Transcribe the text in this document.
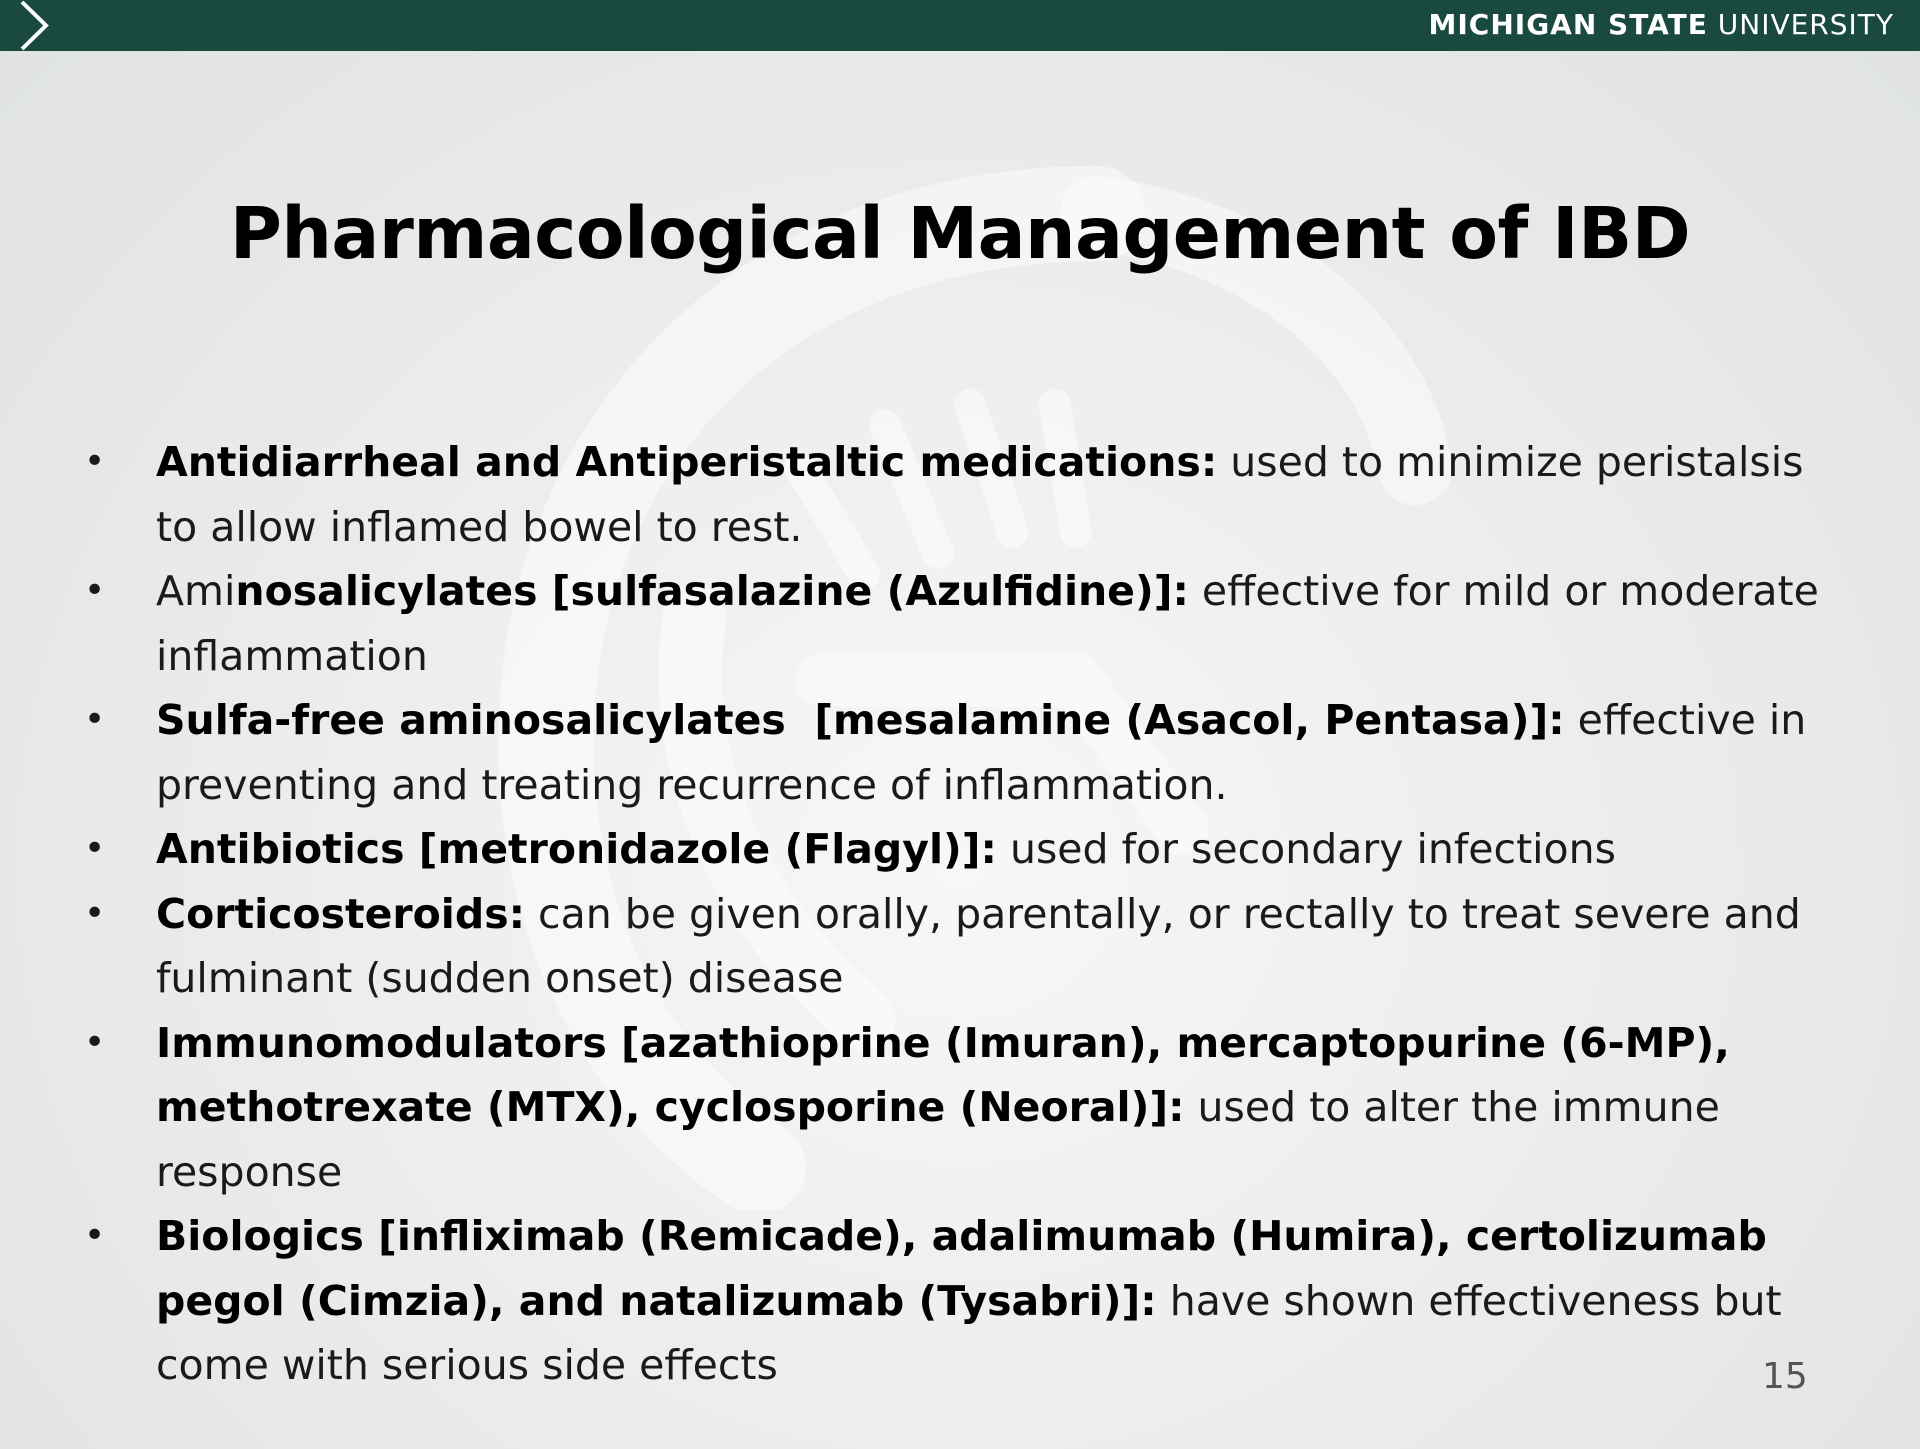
MICHIGAN STATE UNIVERSITY
Pharmacological Management of IBD
• Antidiarrheal and Antiperistaltic medications: used to minimize peristalsis to allow inflamed bowel to rest.
• Aminosalicylates [sulfasalazine (Azulfidine)]: effective for mild or moderate inflammation
• Sulfa-free aminosalicylates  [mesalamine (Asacol, Pentasa)]: effective in preventing and treating recurrence of inflammation.
• Antibiotics [metronidazole (Flagyl)]: used for secondary infections
• Corticosteroids: can be given orally, parentally, or rectally to treat severe and fulminant (sudden onset) disease
• Immunomodulators [azathioprine (Imuran), mercaptopurine (6-MP), methotrexate (MTX), cyclosporine (Neoral)]: used to alter the immune response
• Biologics [infliximab (Remicade), adalimumab (Humira), certolizumab pegol (Cimzia), and natalizumab (Tysabri)]: have shown effectiveness but come with serious side effects	15
